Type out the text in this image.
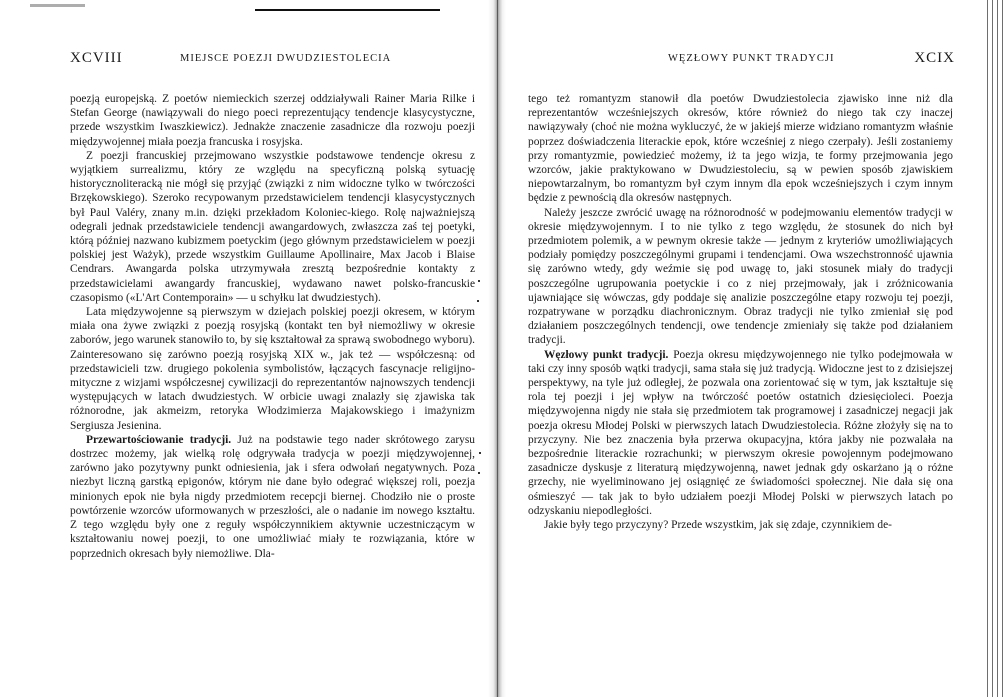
XCVIII	MIEJSCE POEZJI DWUDZIESTOLECIA

poezją europejską. Z poetów niemieckich szerzej oddziaływali Rainer Maria Rilke i Stefan George (nawiązywali do niego poeci reprezentujący tendencje klasycystyczne, przede wszystkim Iwaszkiewicz). Jednakże znaczenie zasadnicze dla rozwoju poezji międzywojennej miała poezja francuska i rosyjska.

Z poezji francuskiej przejmowano wszystkie podstawowe tendencje okresu z wyjątkiem surrealizmu, który ze względu na specyficzną polską sytuację historycznoliteracką nie mógł się przyjąć (związki z nim widoczne tylko w twórczości Brzękowskiego). Szeroko recypowanym przedstawicielem tendencji klasycystycznych był Paul Valéry, znany m.in. dzięki przekładom Koloniec-kiego. Rolę najważniejszą odegrali jednak przedstawiciele tendencji awangardowych, zwłaszcza zaś tej poetyki, którą później nazwano kubizmem poetyckim (jego głównym przedstawicielem w poezji polskiej jest Ważyk), przede wszystkim Guillaume Apollinaire, Max Jacob i Blaise Cendrars. Awangarda polska utrzymywała zresztą bezpośrednie kontakty z przedstawicielami awangardy francuskiej, wydawano nawet polsko-francuskie czasopismo («L'Art Contemporain» — u schyłku lat dwudziestych).

Lata międzywojenne są pierwszym w dziejach polskiej poezji okresem, w którym miała ona żywe związki z poezją rosyjską (kontakt ten był niemożliwy w okresie zaborów, jego warunek stanowiło to, by się kształtował za sprawą swobodnego wyboru). Zainteresowano się zarówno poezją rosyjską XIX w., jak też — współczesną: od przedstawicieli tzw. drugiego pokolenia symbolistów, łączących fascynacje religijno-mityczne z wizjami współczesnej cywilizacji do reprezentantów najnowszych tendencji występujących w latach dwudziestych. W orbicie uwagi znalazły się zjawiska tak różnorodne, jak akmeizm, retoryka Włodzimierza Majakowskiego i imażynizm Sergiusza Jesienina.

Przewartościowanie tradycji. Już na podstawie tego nader skrótowego zarysu dostrzec możemy, jak wielką rolę odgrywała tradycja w poezji międzywojennej, zarówno jako pozytywny punkt odniesienia, jak i sfera odwołań negatywnych. Poza niezbyt liczną garstką epigonów, którym nie dane było odegrać większej roli, poezja minionych epok nie była nigdy przedmiotem recepcji biernej. Chodziło nie o proste powtórzenie wzorców uformowanych w przeszłości, ale o nadanie im nowego kształtu. Z tego względu były one z reguły współczynnikiem aktywnie uczestniczącym w kształtowaniu nowej poezji, to one umożliwiać miały te rozwiązania, które w poprzednich okresach były niemożliwe. Dla-

WĘZŁOWY PUNKT TRADYCJI	XCIX

tego też romantyzm stanowił dla poetów Dwudziestolecia zjawisko inne niż dla reprezentantów wcześniejszych okresów, które również do niego tak czy inaczej nawiązywały (choć nie można wykluczyć, że w jakiejś mierze widziano romantyzm właśnie poprzez doświadczenia literackie epok, które wcześniej z niego czerpały). Jeśli zostaniemy przy romantyzmie, powiedzieć możemy, iż ta jego wizja, te formy przejmowania jego wzorców, jakie praktykowano w Dwudziestoleciu, są w pewien sposób zjawiskiem niepowtarzalnym, bo romantyzm był czym innym dla epok wcześniejszych i czym innym będzie z pewnością dla okresów następnych.

Należy jeszcze zwrócić uwagę na różnorodność w podejmowaniu elementów tradycji w okresie międzywojennym. I to nie tylko z tego względu, że stosunek do nich był przedmiotem polemik, a w pewnym okresie także — jednym z kryteriów umożliwiających podziały pomiędzy poszczególnymi grupami i tendencjami. Owa wszechstronność ujawnia się zarówno wtedy, gdy weźmie się pod uwagę to, jaki stosunek miały do tradycji poszczególne ugrupowania poetyckie i co z niej przejmowały, jak i zróżnicowania ujawniające się wówczas, gdy poddaje się analizie poszczególne etapy rozwoju tej poezji, rozpatrywane w porządku diachronicznym. Obraz tradycji nie tylko zmieniał się pod działaniem poszczególnych tendencji, owe tendencje zmieniały się także pod działaniem tradycji.

Węzłowy punkt tradycji. Poezja okresu międzywojennego nie tylko podejmowała w taki czy inny sposób wątki tradycji, sama stała się już tradycją. Widoczne jest to z dzisiejszej perspektywy, na tyle już odległej, że pozwala ona zorientować się w tym, jak kształtuje się rola tej poezji i jej wpływ na twórczość poetów ostatnich dziesięcioleci. Poezja międzywojenna nigdy nie stała się przedmiotem tak programowej i zasadniczej negacji jak poezja okresu Młodej Polski w pierwszych latach Dwudziestolecia. Różne złożyły się na to przyczyny. Nie bez znaczenia była przerwa okupacyjna, która jakby nie pozwalała na bezpośrednie literackie rozrachunki; w pierwszym okresie powojennym podejmowano zasadnicze dyskusje z literaturą międzywojenną, nawet jednak gdy oskarżano ją o różne grzechy, nie wyeliminowano jej osiągnięć ze świadomości społecznej. Nie dała się ona ośmieszyć — tak jak to było udziałem poezji Młodej Polski w pierwszych latach po odzyskaniu niepodległości.

Jakie były tego przyczyny? Przede wszystkim, jak się zdaje, czynnikiem de-
